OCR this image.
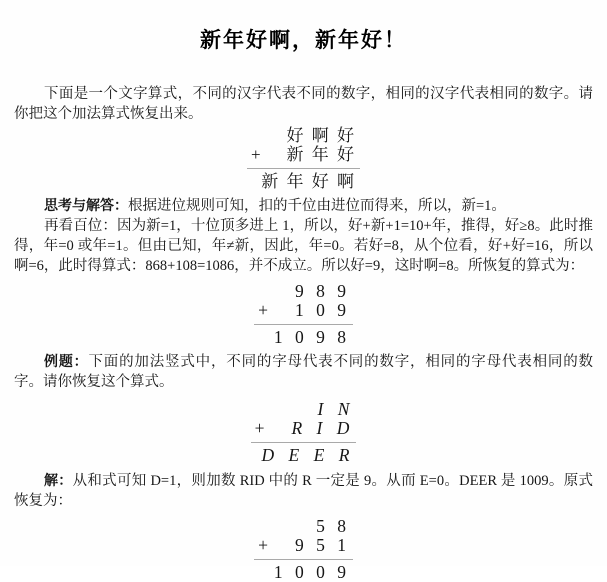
新年好啊，新年好！

下面是一个文字算式，不同的汉字代表不同的数字，相同的汉字代表相同的数字。请你把这个加法算式恢复出来。

好 啊 好
+ 新 年 好
新 年 好 啊

思考与解答：根据进位规则可知，扣的千位由进位而得来，所以，新=1。

再看百位：因为新=1，十位顶多进上 1，所以，好+新+1=10+年，推得，好≥8。此时推得，年=0 或年=1。但由已知，年≠新，因此，年=0。若好=8，从个位看，好+好=16，所以啊=6，此时得算式：868+108=1086，并不成立。所以好=9，这时啊=8。所恢复的算式为：

9 8 9
+ 1 0 9
1 0 9 8

例题：下面的加法竖式中，不同的字母代表不同的数字，相同的字母代表相同的数字。请你恢复这个算式。

I N
+ R I D
D E E R

解：从和式可知 D=1，则加数 RID 中的 R 一定是 9。从而 E=0。DEER 是 1009。原式恢复为：

5 8
+ 9 5 1
1 0 0 9
